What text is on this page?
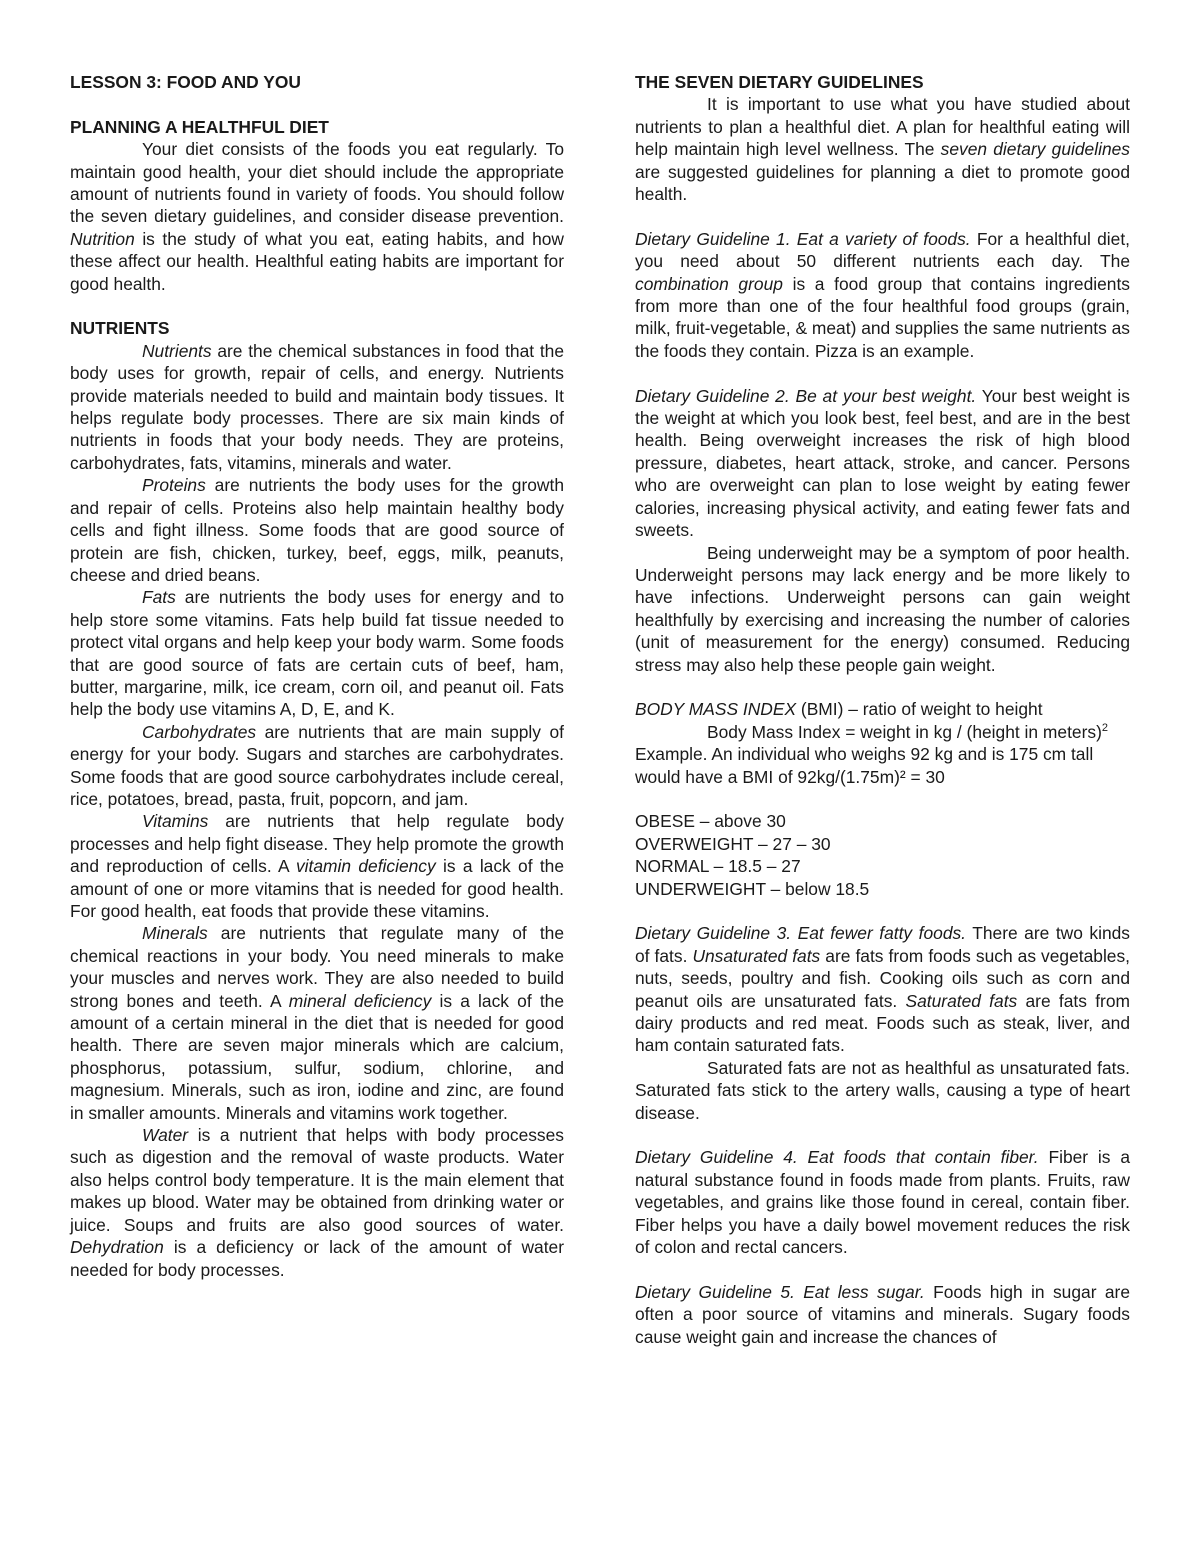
LESSON 3: FOOD AND YOU

PLANNING A HEALTHFUL DIET

Your diet consists of the foods you eat regularly. To maintain good health, your diet should include the appropriate amount of nutrients found in variety of foods. You should follow the seven dietary guidelines, and consider disease prevention. Nutrition is the study of what you eat, eating habits, and how these affect our health. Healthful eating habits are important for good health.

NUTRIENTS

Nutrients are the chemical substances in food that the body uses for growth, repair of cells, and energy. Nutrients provide materials needed to build and maintain body tissues. It helps regulate body processes. There are six main kinds of nutrients in foods that your body needs. They are proteins, carbohydrates, fats, vitamins, minerals and water.

Proteins are nutrients the body uses for the growth and repair of cells. Proteins also help maintain healthy body cells and fight illness. Some foods that are good source of protein are fish, chicken, turkey, beef, eggs, milk, peanuts, cheese and dried beans.

Fats are nutrients the body uses for energy and to help store some vitamins. Fats help build fat tissue needed to protect vital organs and help keep your body warm. Some foods that are good source of fats are certain cuts of beef, ham, butter, margarine, milk, ice cream, corn oil, and peanut oil. Fats help the body use vitamins A, D, E, and K.

Carbohydrates are nutrients that are main supply of energy for your body. Sugars and starches are carbohydrates. Some foods that are good source carbohydrates include cereal, rice, potatoes, bread, pasta, fruit, popcorn, and jam.

Vitamins are nutrients that help regulate body processes and help fight disease. They help promote the growth and reproduction of cells. A vitamin deficiency is a lack of the amount of one or more vitamins that is needed for good health. For good health, eat foods that provide these vitamins.

Minerals are nutrients that regulate many of the chemical reactions in your body. You need minerals to make your muscles and nerves work. They are also needed to build strong bones and teeth. A mineral deficiency is a lack of the amount of a certain mineral in the diet that is needed for good health. There are seven major minerals which are calcium, phosphorus, potassium, sulfur, sodium, chlorine, and magnesium. Minerals, such as iron, iodine and zinc, are found in smaller amounts. Minerals and vitamins work together.

Water is a nutrient that helps with body processes such as digestion and the removal of waste products. Water also helps control body temperature. It is the main element that makes up blood. Water may be obtained from drinking water or juice. Soups and fruits are also good sources of water. Dehydration is a deficiency or lack of the amount of water needed for body processes.

THE SEVEN DIETARY GUIDELINES

It is important to use what you have studied about nutrients to plan a healthful diet. A plan for healthful eating will help maintain high level wellness. The seven dietary guidelines are suggested guidelines for planning a diet to promote good health.

Dietary Guideline 1. Eat a variety of foods. For a healthful diet, you need about 50 different nutrients each day. The combination group is a food group that contains ingredients from more than one of the four healthful food groups (grain, milk, fruit-vegetable, & meat) and supplies the same nutrients as the foods they contain. Pizza is an example.

Dietary Guideline 2. Be at your best weight. Your best weight is the weight at which you look best, feel best, and are in the best health. Being overweight increases the risk of high blood pressure, diabetes, heart attack, stroke, and cancer. Persons who are overweight can plan to lose weight by eating fewer calories, increasing physical activity, and eating fewer fats and sweets.

Being underweight may be a symptom of poor health. Underweight persons may lack energy and be more likely to have infections. Underweight persons can gain weight healthfully by exercising and increasing the number of calories (unit of measurement for the energy) consumed. Reducing stress may also help these people gain weight.

BODY MASS INDEX (BMI) – ratio of weight to height

Body Mass Index = weight in kg / (height in meters)$^2$

Example. An individual who weighs 92 kg and is 175 cm tall would have a BMI of 92kg/(1.75m)² = 30

OBESE – above 30

OVERWEIGHT – 27 – 30

NORMAL – 18.5 – 27

UNDERWEIGHT – below 18.5

Dietary Guideline 3. Eat fewer fatty foods. There are two kinds of fats. Unsaturated fats are fats from foods such as vegetables, nuts, seeds, poultry and fish. Cooking oils such as corn and peanut oils are unsaturated fats. Saturated fats are fats from dairy products and red meat. Foods such as steak, liver, and ham contain saturated fats.

Saturated fats are not as healthful as unsaturated fats. Saturated fats stick to the artery walls, causing a type of heart disease.

Dietary Guideline 4. Eat foods that contain fiber. Fiber is a natural substance found in foods made from plants. Fruits, raw vegetables, and grains like those found in cereal, contain fiber. Fiber helps you have a daily bowel movement reduces the risk of colon and rectal cancers.

Dietary Guideline 5. Eat less sugar. Foods high in sugar are often a poor source of vitamins and minerals. Sugary foods cause weight gain and increase the chances of
